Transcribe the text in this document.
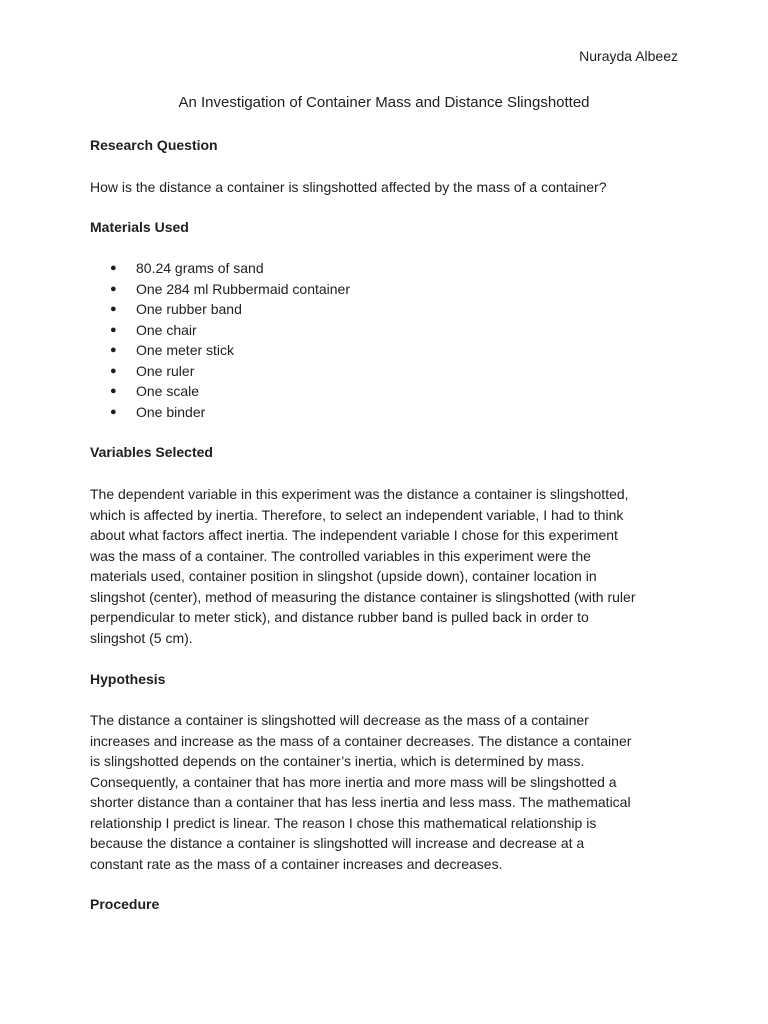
Nurayda Albeez
An Investigation of Container Mass and Distance Slingshotted
Research Question
How is the distance a container is slingshotted affected by the mass of a container?
Materials Used
● 80.24 grams of sand
● One 284 ml Rubbermaid container
● One rubber band
● One chair
● One meter stick
● One ruler
● One scale
● One binder
Variables Selected
The dependent variable in this experiment was the distance a container is slingshotted,
which is affected by inertia. Therefore, to select an independent variable, I had to think
about what factors affect inertia. The independent variable I chose for this experiment
was the mass of a container. The controlled variables in this experiment were the
materials used, container position in slingshot (upside down), container location in
slingshot (center), method of measuring the distance container is slingshotted (with ruler
perpendicular to meter stick), and distance rubber band is pulled back in order to
slingshot (5 cm).
Hypothesis
The distance a container is slingshotted will decrease as the mass of a container
increases and increase as the mass of a container decreases. The distance a container
is slingshotted depends on the container’s inertia, which is determined by mass.
Consequently, a container that has more inertia and more mass will be slingshotted a
shorter distance than a container that has less inertia and less mass. The mathematical
relationship I predict is linear. The reason I chose this mathematical relationship is
because the distance a container is slingshotted will increase and decrease at a
constant rate as the mass of a container increases and decreases.
Procedure
